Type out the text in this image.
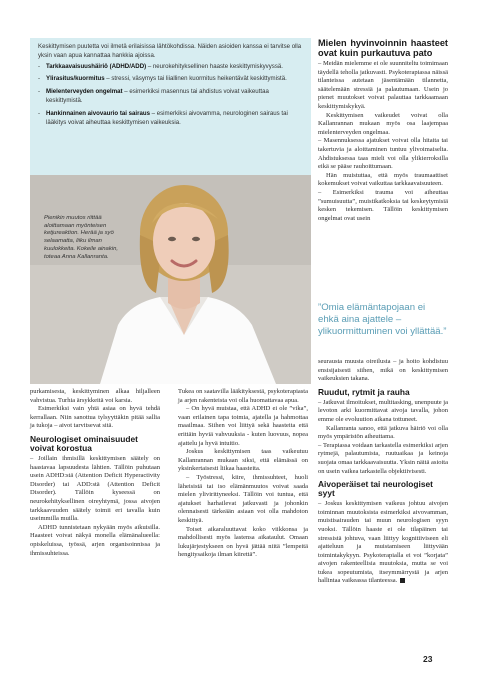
Keskittymisen puutetta voi ilmetä erilaisissa lähtökohdissa. Näiden asioiden kanssa ei tarvitse olla yksin vaan apua kannattaa hankkia ajoissa.

- Tarkkaavaisuushäiriö (ADHD/ADD) – neurokehityksellinen haaste keskittymiskyvyssä.
- Ylirasitus/kuormitus – stressi, väsymys tai liiallinen kuormitus heikentävät keskittymistä.
- Mielenterveyden ongelmat – esimerkiksi masennus tai ahdistus voivat vaikeuttaa keskittymistä.
- Hankinnainen aivovaurio tai sairaus – esimerkiksi aivovamma, neurologinen sairaus tai lääkitys voivat aiheuttaa keskittymisen vaikeuksia.
Pienikin muutos riittää aloittamaan myönteisen ketjureaktion. Herää ja syö selaamatta, liiku ilman kuulokkeita. Kokeile ainakin, toteaa Anna Kallanranta.

purkamisesta, keskittyminen alkaa hiljalleen vahvistua. Turhia ärsykkeitä voi karsia.

Esimerkiksi vain yhtä asiaa on hyvä tehdä kerrallaan. Niin sanottua tylsyyttäkin pitää sallia ja tukoja – aivot tarvitsevat sitä.

Neurologiset ominaisuudet voivat korostua

– Joillain ihmisillä keskittymisen säätely on haastavaa lapsuudesta lähtien. Tällöin puhutaan usein ADHD:stä (Attention Deficit Hyperactivity Disorder) tai ADD:stä (Attention Deficit Disorder). Tällöin kyseessä on neurokehityksellinen oireyhtymä, jossa aivojen tarkkaavuuden säätely toimii eri tavalla kuin useimmilla muilla.

ADHD tunnistetaan nykyään myös aikuisilla. Haasteet voivat näkyä monella elämänalueella: opiskeluissa, työssä, arjen organisoinnissa ja ihmissuhteissa.

Tukea on saatavilla lääkityksestä, psykoterapiasta ja arjen rakenteista voi olla huomattavaa apua.

– On hyvä muistaa, että ADHD ei ole ”vika”, vaan erilainen tapa toimia, ajatella ja hahmottaa maailmaa. Siihen voi liittyä sekä haasteita että erittäin hyviä vahvuuksia - kuten luovuus, nopea ajattelu ja hyvä intuitio.

Joskus keskittymisen taas vaikeutuu Kallanrannan mukaan siksi, että elämässä on yksinkertaisesti liikaa haasteita.

– Työstressi, kiire, ihmissuhteet, huoli läheisistä tai iso elämänmuutos voivat saada mielen ylivirittyneeksi. Tällöin voi tuntua, että ajatukset harhailevat jatkuvasti ja johonkin olennaisesti tärkeään asiaan voi olla mahdoton keskittyä.

Toiset aikaraluuttavat koko viikkonsa ja mahdollisesti myös lastensa aikataulut. Omaan lukujärjestykseen on hyvä jättää niitä ”lempeitä hengitysaikoja ilman kiirettä”.

Mielen hyvinvoinnin haasteet ovat kuin purkautuva pato

– Meidän mielemme ei ole suunniteltu toimimaan täydellä teholla jatkuvasti. Psykoterapiassa näissä tilanteissa autetaan jäsentämään tilannetta, säätelemään stressiä ja palautumaan. Usein jo pienet muutokset voivat palauttaa tarkkaamaan keskittymiskykyä.

Keskittymisen vaikeudet voivat olla Kallanrannan mukaan myös osa laajempaa mielenterveyden ongelmaa.

– Masennuksessa ajatukset voivat olla hitaita tai takertuvia ja aloittaminen tuntuu ylivoimaiselta. Ahdistuksessa taas mieli voi olla ylikierroksilla eikä se pääse rauhoittumaan.

Hän muistuttaa, että myös traumaattiset kokemukset voivat vaikuttaa tarkkaavaisuuteen.

– Esimerkiksi trauma voi aiheuttaa ”sumuisuutta”, muistikatkoksia tai keskeytymisiä kesken tekemisen. Tällöin keskittymisen ongelmat ovat usein

”Omia elämäntapojaan ei ehkä aina ajattele – ylikuormittuminen voi yllättää.”

seurausta muusta oireilusta – ja hoito kohdistuu ensisijaisesti siihen, mikä on keskittymisen vaikeuksien takana.

Ruudut, rytmit ja rauha

– Jatkuvat ilmoitukset, multitasking, unenpuute ja levoton arki kuormittavat aivoja tavalla, johon emme ole evoluution aikana tottuneet.

Kallanranta sanoo, että jatkuva häiriö voi olla myös ympäristön aiheuttama.

– Terapiassa voidaan tarkastella esimerkiksi arjen rytmejä, palautumista, ruutuaikaa ja keinoja suojata omaa tarkkaavaisuutta. Yksin näitä asioita on usein vaikea tarkastella objektiivisesti.

Aivoperäiset tai neurologiset syyt

– Joskus keskittymisen vaikeus johtuu aivojen toiminnan muutoksista esimerkiksi aivovamman, muistisairauden tai muun neurologisen syyn vuoksi. Tällöin haaste ei ole tilapäinen tai stressistä johtuva, vaan liittyy kognitiiviseen eli ajatteluun ja muistamiseen liittyvään toimintakykyyn. Psykoterapialla ei voi ”korjata” aivojen rakenteellisia muutoksia, mutta se voi tukea sopeutumista, itseymmärrystä ja arjen hallintaa vaikeassa tilanteessa.

23
